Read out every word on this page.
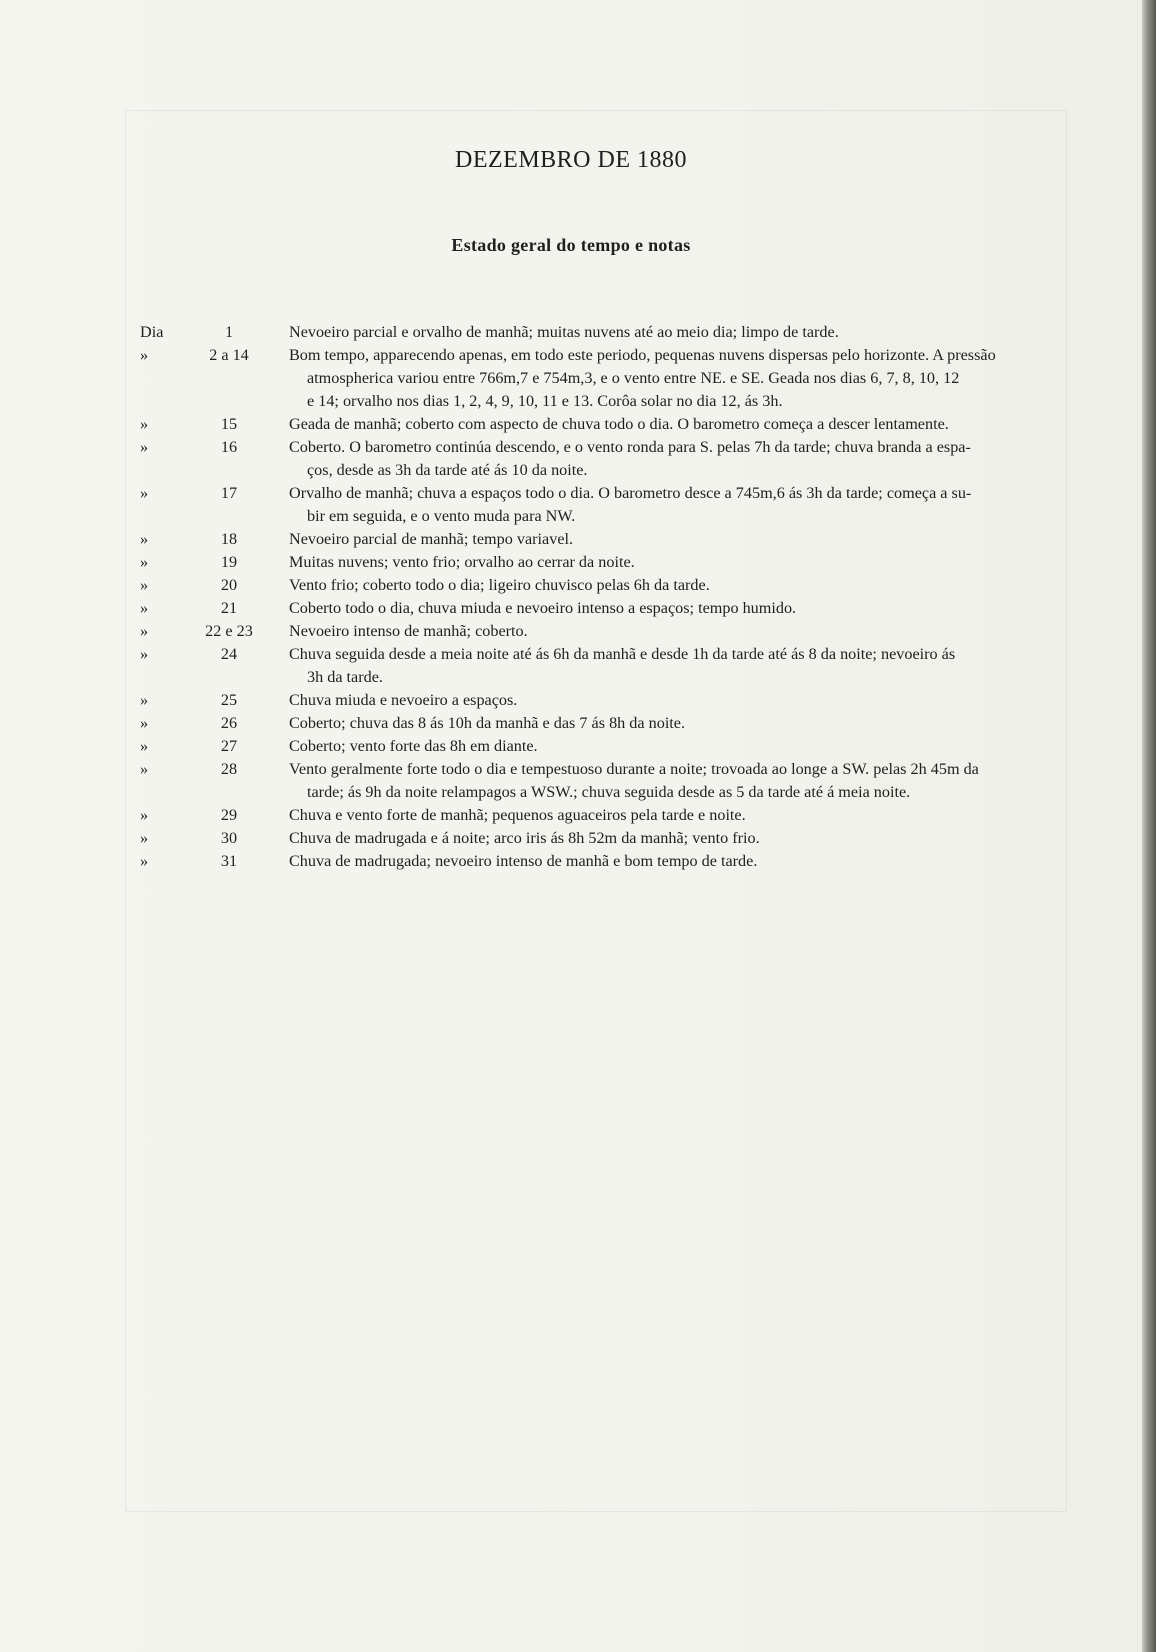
DEZEMBRO DE 1880
Estado geral do tempo e notas
Dia	1	Nevoeiro parcial e orvalho de manhã; muitas nuvens até ao meio dia; limpo de tarde.
»	2 a 14	Bom tempo, apparecendo apenas, em todo este periodo, pequenas nuvens dispersas pelo horizonte. A pressão
atmospherica variou entre 766m,7 e 754m,3, e o vento entre NE. e SE. Geada nos dias 6, 7, 8, 10, 12
e 14; orvalho nos dias 1, 2, 4, 9, 10, 11 e 13. Corôa solar no dia 12, ás 3h.
»	15	Geada de manhã; coberto com aspecto de chuva todo o dia. O barometro começa a descer lentamente.
»	16	Coberto. O barometro continúa descendo, e o vento ronda para S. pelas 7h da tarde; chuva branda a espa-
ços, desde as 3h da tarde até ás 10 da noite.
»	17	Orvalho de manhã; chuva a espaços todo o dia. O barometro desce a 745m,6 ás 3h da tarde; começa a su-
bir em seguida, e o vento muda para NW.
»	18	Nevoeiro parcial de manhã; tempo variavel.
»	19	Muitas nuvens; vento frio; orvalho ao cerrar da noite.
»	20	Vento frio; coberto todo o dia; ligeiro chuvisco pelas 6h da tarde.
»	21	Coberto todo o dia, chuva miuda e nevoeiro intenso a espaços; tempo humido.
»	22 e 23	Nevoeiro intenso de manhã; coberto.
»	24	Chuva seguida desde a meia noite até ás 6h da manhã e desde 1h da tarde até ás 8 da noite; nevoeiro ás
3h da tarde.
»	25	Chuva miuda e nevoeiro a espaços.
»	26	Coberto; chuva das 8 ás 10h da manhã e das 7 ás 8h da noite.
»	27	Coberto; vento forte das 8h em diante.
»	28	Vento geralmente forte todo o dia e tempestuoso durante a noite; trovoada ao longe a SW. pelas 2h 45m da
tarde; ás 9h da noite relampagos a WSW.; chuva seguida desde as 5 da tarde até á meia noite.
»	29	Chuva e vento forte de manhã; pequenos aguaceiros pela tarde e noite.
»	30	Chuva de madrugada e á noite; arco iris ás 8h 52m da manhã; vento frio.
»	31	Chuva de madrugada; nevoeiro intenso de manhã e bom tempo de tarde.
